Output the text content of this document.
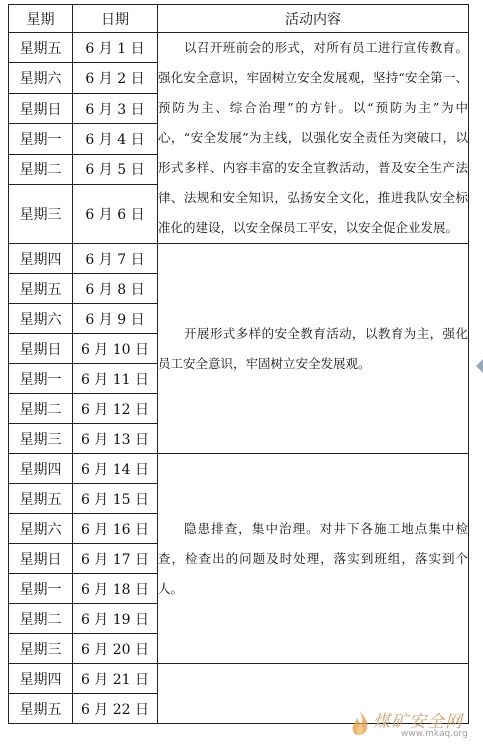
星期	日期	活动内容
星期五	6 月 1 日	以召开班前会的形式，对所有员工进行宣传教育。强化安全意识，牢固树立安全发展观，坚持“安全第一、预防为主、综合治理”的方针。以“预防为主”为中心，“安全发展”为主线，以强化安全责任为突破口，以形式多样、内容丰富的安全宣教活动，普及安全生产法律、法规和安全知识，弘扬安全文化，推进我队安全标准化的建设，以安全保员工平安，以安全促企业发展。
星期六	6 月 2 日	
星期日	6 月 3 日	
星期一	6 月 4 日	
星期二	6 月 5 日	
星期三	6 月 6 日	
星期四	6 月 7 日	开展形式多样的安全教育活动，以教育为主，强化员工安全意识，牢固树立安全发展观。
星期五	6 月 8 日	
星期六	6 月 9 日	
星期日	6 月 10 日	
星期一	6 月 11 日	
星期二	6 月 12 日	
星期三	6 月 13 日	
星期四	6 月 14 日	隐患排查，集中治理。对井下各施工地点集中检查，检查出的问题及时处理，落实到班组，落实到个人。
星期五	6 月 15 日	
星期六	6 月 16 日	
星期日	6 月 17 日	
星期一	6 月 18 日	
星期二	6 月 19 日	
星期三	6 月 20 日	
星期四	6 月 21 日	
星期五	6 月 22 日	
煤矿安全网
www.mkaq.org
